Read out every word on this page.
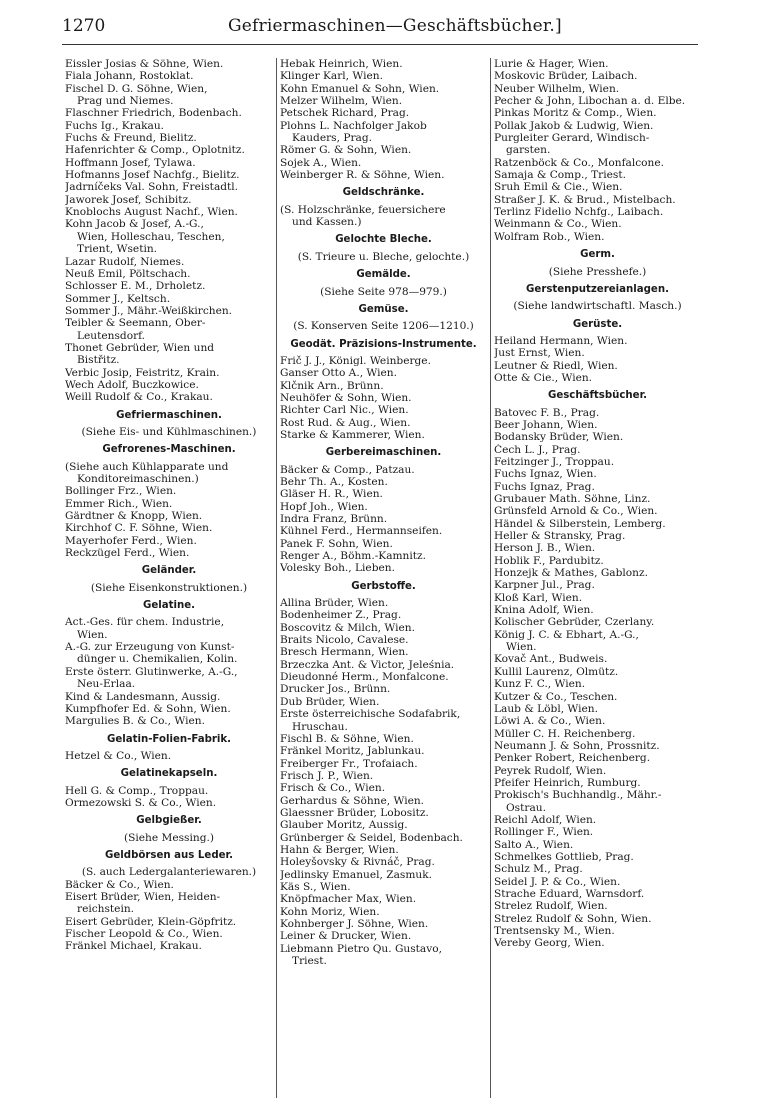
1270	Gefriermaschinen—Geschäftsbücher.]
Eissler Josias & Söhne, Wien.
Fiala Johann, Rostoklat.
Fischel D. G. Söhne, Wien,
Prag und Niemes.
Flaschner Friedrich, Bodenbach.
Fuchs Ig., Krakau.
Fuchs & Freund, Bielitz.
Hafenrichter & Comp., Oplotnitz.
Hoffmann Josef, Tylawa.
Hofmanns Josef Nachfg., Bielitz.
Jadrníčeks Val. Sohn, Freistadtl.
Jaworek Josef, Schibitz.
Knoblochs August Nachf., Wien.
Kohn Jacob & Josef, A.-G.,
Wien, Holleschau, Teschen,
Trient, Wsetin.
Lazar Rudolf, Niemes.
Neuß Emil, Pöltschach.
Schlosser E. M., Drholetz.
Sommer J., Keltsch.
Sommer J., Mähr.-Weißkirchen.
Teibler & Seemann, Ober-
Leutensdorf.
Thonet Gebrüder, Wien und
Bistřitz.
Verbic Josip, Feistritz, Krain.
Wech Adolf, Buczkowice.
Weill Rudolf & Co., Krakau.
Gefriermaschinen.
(Siehe Eis- und Kühlmaschinen.)
Gefrorenes-Maschinen.
(Siehe auch Kühlapparate und
Konditoreimaschinen.)
Bollinger Frz., Wien.
Emmer Rich., Wien.
Gärdtner & Knopp, Wien.
Kirchhof C. F. Söhne, Wien.
Mayerhofer Ferd., Wien.
Reckzügel Ferd., Wien.
Geländer.
(Siehe Eisenkonstruktionen.)
Gelatine.
Act.-Ges. für chem. Industrie,
Wien.
A.-G. zur Erzeugung von Kunst-
dünger u. Chemikalien, Kolin.
Erste österr. Glutinwerke, A.-G.,
Neu-Erlaa.
Kind & Landesmann, Aussig.
Kumpfhofer Ed. & Sohn, Wien.
Margulies B. & Co., Wien.
Gelatin-Folien-Fabrik.
Hetzel & Co., Wien.
Gelatinekapseln.
Hell G. & Comp., Troppau.
Ormezowski S. & Co., Wien.
Gelbgießer.
(Siehe Messing.)
Geldbörsen aus Leder.
(S. auch Ledergalanteriewaren.)
Bäcker & Co., Wien.
Eisert Brüder, Wien, Heiden-
reichstein.
Eisert Gebrüder, Klein-Göpfritz.
Fischer Leopold & Co., Wien.
Fränkel Michael, Krakau.
Hebak Heinrich, Wien.
Klinger Karl, Wien.
Kohn Emanuel & Sohn, Wien.
Melzer Wilhelm, Wien.
Petschek Richard, Prag.
Plohns L. Nachfolger Jakob
Kauders, Prag.
Römer G. & Sohn, Wien.
Sojek A., Wien.
Weinberger R. & Söhne, Wien.
Geldschränke.
(S. Holzschränke, feuersichere
und Kassen.)
Gelochte Bleche.
(S. Trieure u. Bleche, gelochte.)
Gemälde.
(Siehe Seite 978—979.)
Gemüse.
(S. Konserven Seite 1206—1210.)
Geodät. Präzisions-Instrumente.
Frič J. J., Königl. Weinberge.
Ganser Otto A., Wien.
Klčnik Arn., Brünn.
Neuhöfer & Sohn, Wien.
Richter Carl Nic., Wien.
Rost Rud. & Aug., Wien.
Starke & Kammerer, Wien.
Gerbereimaschinen.
Bäcker & Comp., Patzau.
Behr Th. A., Kosten.
Gläser H. R., Wien.
Hopf Joh., Wien.
Indra Franz, Brünn.
Kühnel Ferd., Hermannseifen.
Panek F. Sohn, Wien.
Renger A., Böhm.-Kamnitz.
Volesky Boh., Lieben.
Gerbstoffe.
Allina Brüder, Wien.
Bodenheimer Z., Prag.
Boscovitz & Milch, Wien.
Braits Nicolo, Cavalese.
Bresch Hermann, Wien.
Brzeczka Ant. & Victor, Jeleśnia.
Dieudonné Herm., Monfalcone.
Drucker Jos., Brünn.
Dub Brüder, Wien.
Erste österreichische Sodafabrik,
Hruschau.
Fischl B. & Söhne, Wien.
Fränkel Moritz, Jablunkau.
Freiberger Fr., Trofaiach.
Frisch J. P., Wien.
Frisch & Co., Wien.
Gerhardus & Söhne, Wien.
Glaessner Brüder, Lobositz.
Glauber Moritz, Aussig.
Grünberger & Seidel, Bodenbach.
Hahn & Berger, Wien.
Holeyšovsky & Rivnáč, Prag.
Jedlinsky Emanuel, Zasmuk.
Käs S., Wien.
Knöpfmacher Max, Wien.
Kohn Moriz, Wien.
Kohnberger J. Söhne, Wien.
Leiner & Drucker, Wien.
Liebmann Pietro Qu. Gustavo,
Triest.
Lurie & Hager, Wien.
Moskovic Brüder, Laibach.
Neuber Wilhelm, Wien.
Pecher & John, Libochan a. d. Elbe.
Pinkas Moritz & Comp., Wien.
Pollak Jakob & Ludwig, Wien.
Purgleiter Gerard, Windisch-
garsten.
Ratzenböck & Co., Monfalcone.
Samaja & Comp., Triest.
Sruh Emil & Cie., Wien.
Straßer J. K. & Brud., Mistelbach.
Terlinz Fidelio Nchfg., Laibach.
Weinmann & Co., Wien.
Wolfram Rob., Wien.
Germ.
(Siehe Presshefe.)
Gerstenputzereianlagen.
(Siehe landwirtschaftl. Masch.)
Gerüste.
Heiland Hermann, Wien.
Just Ernst, Wien.
Leutner & Riedl, Wien.
Otte & Cie., Wien.
Geschäftsbücher.
Batovec F. B., Prag.
Beer Johann, Wien.
Bodansky Brüder, Wien.
Čech L. J., Prag.
Feitzinger J., Troppau.
Fuchs Ignaz, Wien.
Fuchs Ignaz, Prag.
Grubauer Math. Söhne, Linz.
Grünsfeld Arnold & Co., Wien.
Händel & Silberstein, Lemberg.
Heller & Stransky, Prag.
Herson J. B., Wien.
Hoblik F., Pardubitz.
Honzejk & Mathes, Gablonz.
Karpner Jul., Prag.
Kloß Karl, Wien.
Knina Adolf, Wien.
Kolischer Gebrüder, Czerlany.
König J. C. & Ebhart, A.-G.,
Wien.
Kovač Ant., Budweis.
Kullil Laurenz, Olmütz.
Kunz F. C., Wien.
Kutzer & Co., Teschen.
Laub & Löbl, Wien.
Löwi A. & Co., Wien.
Müller C. H. Reichenberg.
Neumann J. & Sohn, Prossnitz.
Penker Robert, Reichenberg.
Peyrek Rudolf, Wien.
Pfeifer Heinrich, Rumburg.
Prokisch's Buchhandlg., Mähr.-
Ostrau.
Reichl Adolf, Wien.
Rollinger F., Wien.
Salto A., Wien.
Schmelkes Gottlieb, Prag.
Schulz M., Prag.
Seidel J. P. & Co., Wien.
Strache Eduard, Warnsdorf.
Strelez Rudolf, Wien.
Strelez Rudolf & Sohn, Wien.
Trentsensky M., Wien.
Vereby Georg, Wien.
